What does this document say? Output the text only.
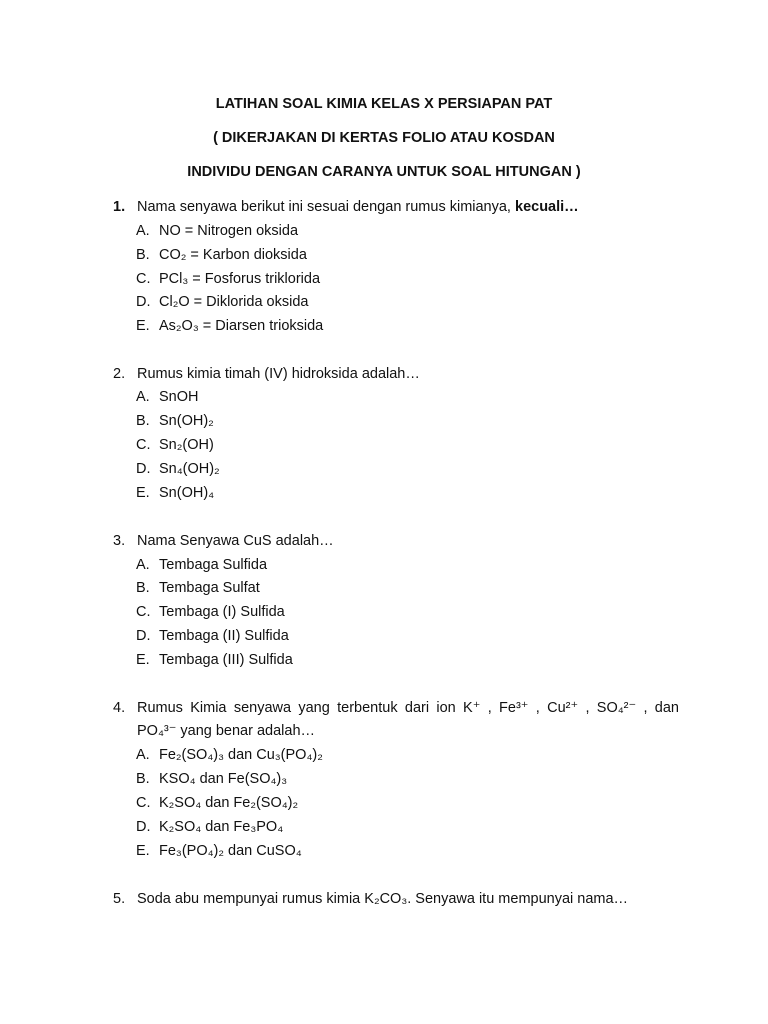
LATIHAN SOAL KIMIA KELAS X PERSIAPAN PAT
( DIKERJAKAN DI KERTAS FOLIO ATAU KOSDAN
INDIVIDU DENGAN CARANYA UNTUK SOAL HITUNGAN )
1. Nama senyawa berikut ini sesuai dengan rumus kimianya, kecuali…
A. NO = Nitrogen oksida
B. CO₂ = Karbon dioksida
C. PCl₃ = Fosforus triklorida
D. Cl₂O = Diklorida oksida
E. As₂O₃ = Diarsen trioksida
2. Rumus kimia timah (IV) hidroksida adalah…
A. SnOH
B. Sn(OH)₂
C. Sn₂(OH)
D. Sn₄(OH)₂
E. Sn(OH)₄
3. Nama Senyawa CuS adalah…
A. Tembaga Sulfida
B. Tembaga Sulfat
C. Tembaga (I) Sulfida
D. Tembaga (II) Sulfida
E. Tembaga (III) Sulfida
4. Rumus Kimia senyawa yang terbentuk dari ion K⁺ , Fe³⁺ , Cu²⁺ , SO₄²⁻ , dan
PO₄³⁻ yang benar adalah…
A. Fe₂(SO₄)₃ dan Cu₃(PO₄)₂
B. KSO₄ dan Fe(SO₄)₃
C. K₂SO₄ dan Fe₂(SO₄)₂
D. K₂SO₄ dan Fe₃PO₄
E. Fe₃(PO₄)₂ dan CuSO₄
5. Soda abu mempunyai rumus kimia K₂CO₃. Senyawa itu mempunyai nama…
